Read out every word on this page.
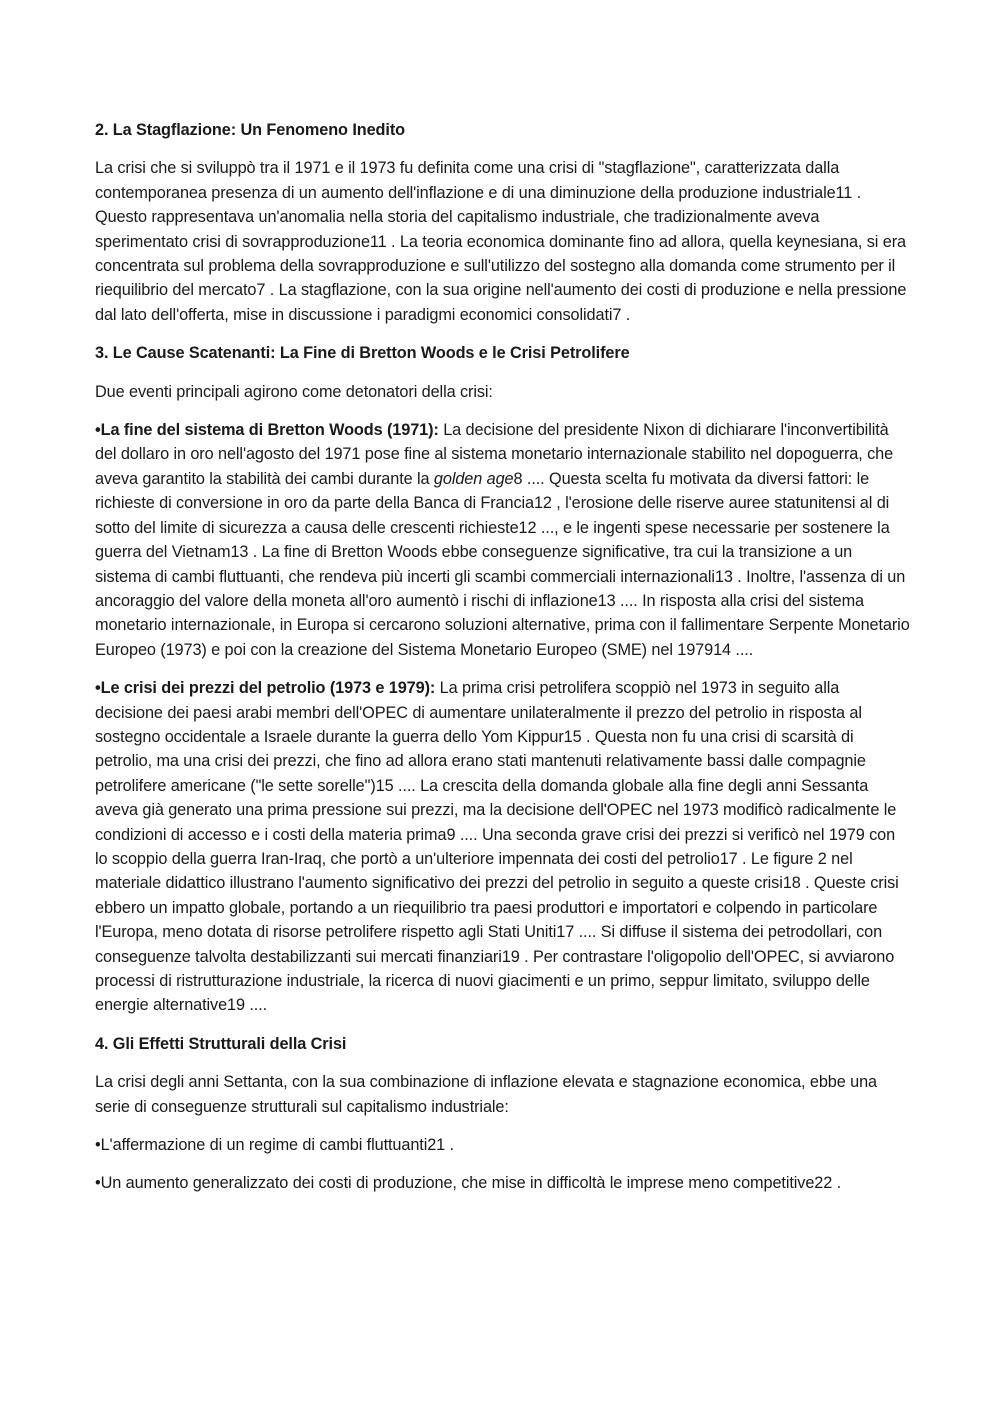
2. La Stagflazione: Un Fenomeno Inedito

La crisi che si sviluppò tra il 1971 e il 1973 fu definita come una crisi di "stagflazione", caratterizzata dalla contemporanea presenza di un aumento dell'inflazione e di una diminuzione della produzione industriale11 . Questo rappresentava un'anomalia nella storia del capitalismo industriale, che tradizionalmente aveva sperimentato crisi di sovrapproduzione11 . La teoria economica dominante fino ad allora, quella keynesiana, si era concentrata sul problema della sovrapproduzione e sull'utilizzo del sostegno alla domanda come strumento per il riequilibrio del mercato7 . La stagflazione, con la sua origine nell'aumento dei costi di produzione e nella pressione dal lato dell'offerta, mise in discussione i paradigmi economici consolidati7 .

3. Le Cause Scatenanti: La Fine di Bretton Woods e le Crisi Petrolifere

Due eventi principali agirono come detonatori della crisi:

•La fine del sistema di Bretton Woods (1971): La decisione del presidente Nixon di dichiarare l'inconvertibilità del dollaro in oro nell'agosto del 1971 pose fine al sistema monetario internazionale stabilito nel dopoguerra, che aveva garantito la stabilità dei cambi durante la golden age8 .... Questa scelta fu motivata da diversi fattori: le richieste di conversione in oro da parte della Banca di Francia12 , l'erosione delle riserve auree statunitensi al di sotto del limite di sicurezza a causa delle crescenti richieste12 ..., e le ingenti spese necessarie per sostenere la guerra del Vietnam13 . La fine di Bretton Woods ebbe conseguenze significative, tra cui la transizione a un sistema di cambi fluttuanti, che rendeva più incerti gli scambi commerciali internazionali13 . Inoltre, l'assenza di un ancoraggio del valore della moneta all'oro aumentò i rischi di inflazione13 .... In risposta alla crisi del sistema monetario internazionale, in Europa si cercarono soluzioni alternative, prima con il fallimentare Serpente Monetario Europeo (1973) e poi con la creazione del Sistema Monetario Europeo (SME) nel 197914 ....

•Le crisi dei prezzi del petrolio (1973 e 1979): La prima crisi petrolifera scoppiò nel 1973 in seguito alla decisione dei paesi arabi membri dell'OPEC di aumentare unilateralmente il prezzo del petrolio in risposta al sostegno occidentale a Israele durante la guerra dello Yom Kippur15 . Questa non fu una crisi di scarsità di petrolio, ma una crisi dei prezzi, che fino ad allora erano stati mantenuti relativamente bassi dalle compagnie petrolifere americane ("le sette sorelle")15 .... La crescita della domanda globale alla fine degli anni Sessanta aveva già generato una prima pressione sui prezzi, ma la decisione dell'OPEC nel 1973 modificò radicalmente le condizioni di accesso e i costi della materia prima9 .... Una seconda grave crisi dei prezzi si verificò nel 1979 con lo scoppio della guerra Iran-Iraq, che portò a un'ulteriore impennata dei costi del petrolio17 . Le figure 2 nel materiale didattico illustrano l'aumento significativo dei prezzi del petrolio in seguito a queste crisi18 . Queste crisi ebbero un impatto globale, portando a un riequilibrio tra paesi produttori e importatori e colpendo in particolare l'Europa, meno dotata di risorse petrolifere rispetto agli Stati Uniti17 .... Si diffuse il sistema dei petrodollari, con conseguenze talvolta destabilizzanti sui mercati finanziari19 . Per contrastare l'oligopolio dell'OPEC, si avviarono processi di ristrutturazione industriale, la ricerca di nuovi giacimenti e un primo, seppur limitato, sviluppo delle energie alternative19 ....

4. Gli Effetti Strutturali della Crisi

La crisi degli anni Settanta, con la sua combinazione di inflazione elevata e stagnazione economica, ebbe una serie di conseguenze strutturali sul capitalismo industriale:

•L'affermazione di un regime di cambi fluttuanti21 .

•Un aumento generalizzato dei costi di produzione, che mise in difficoltà le imprese meno competitive22 .
